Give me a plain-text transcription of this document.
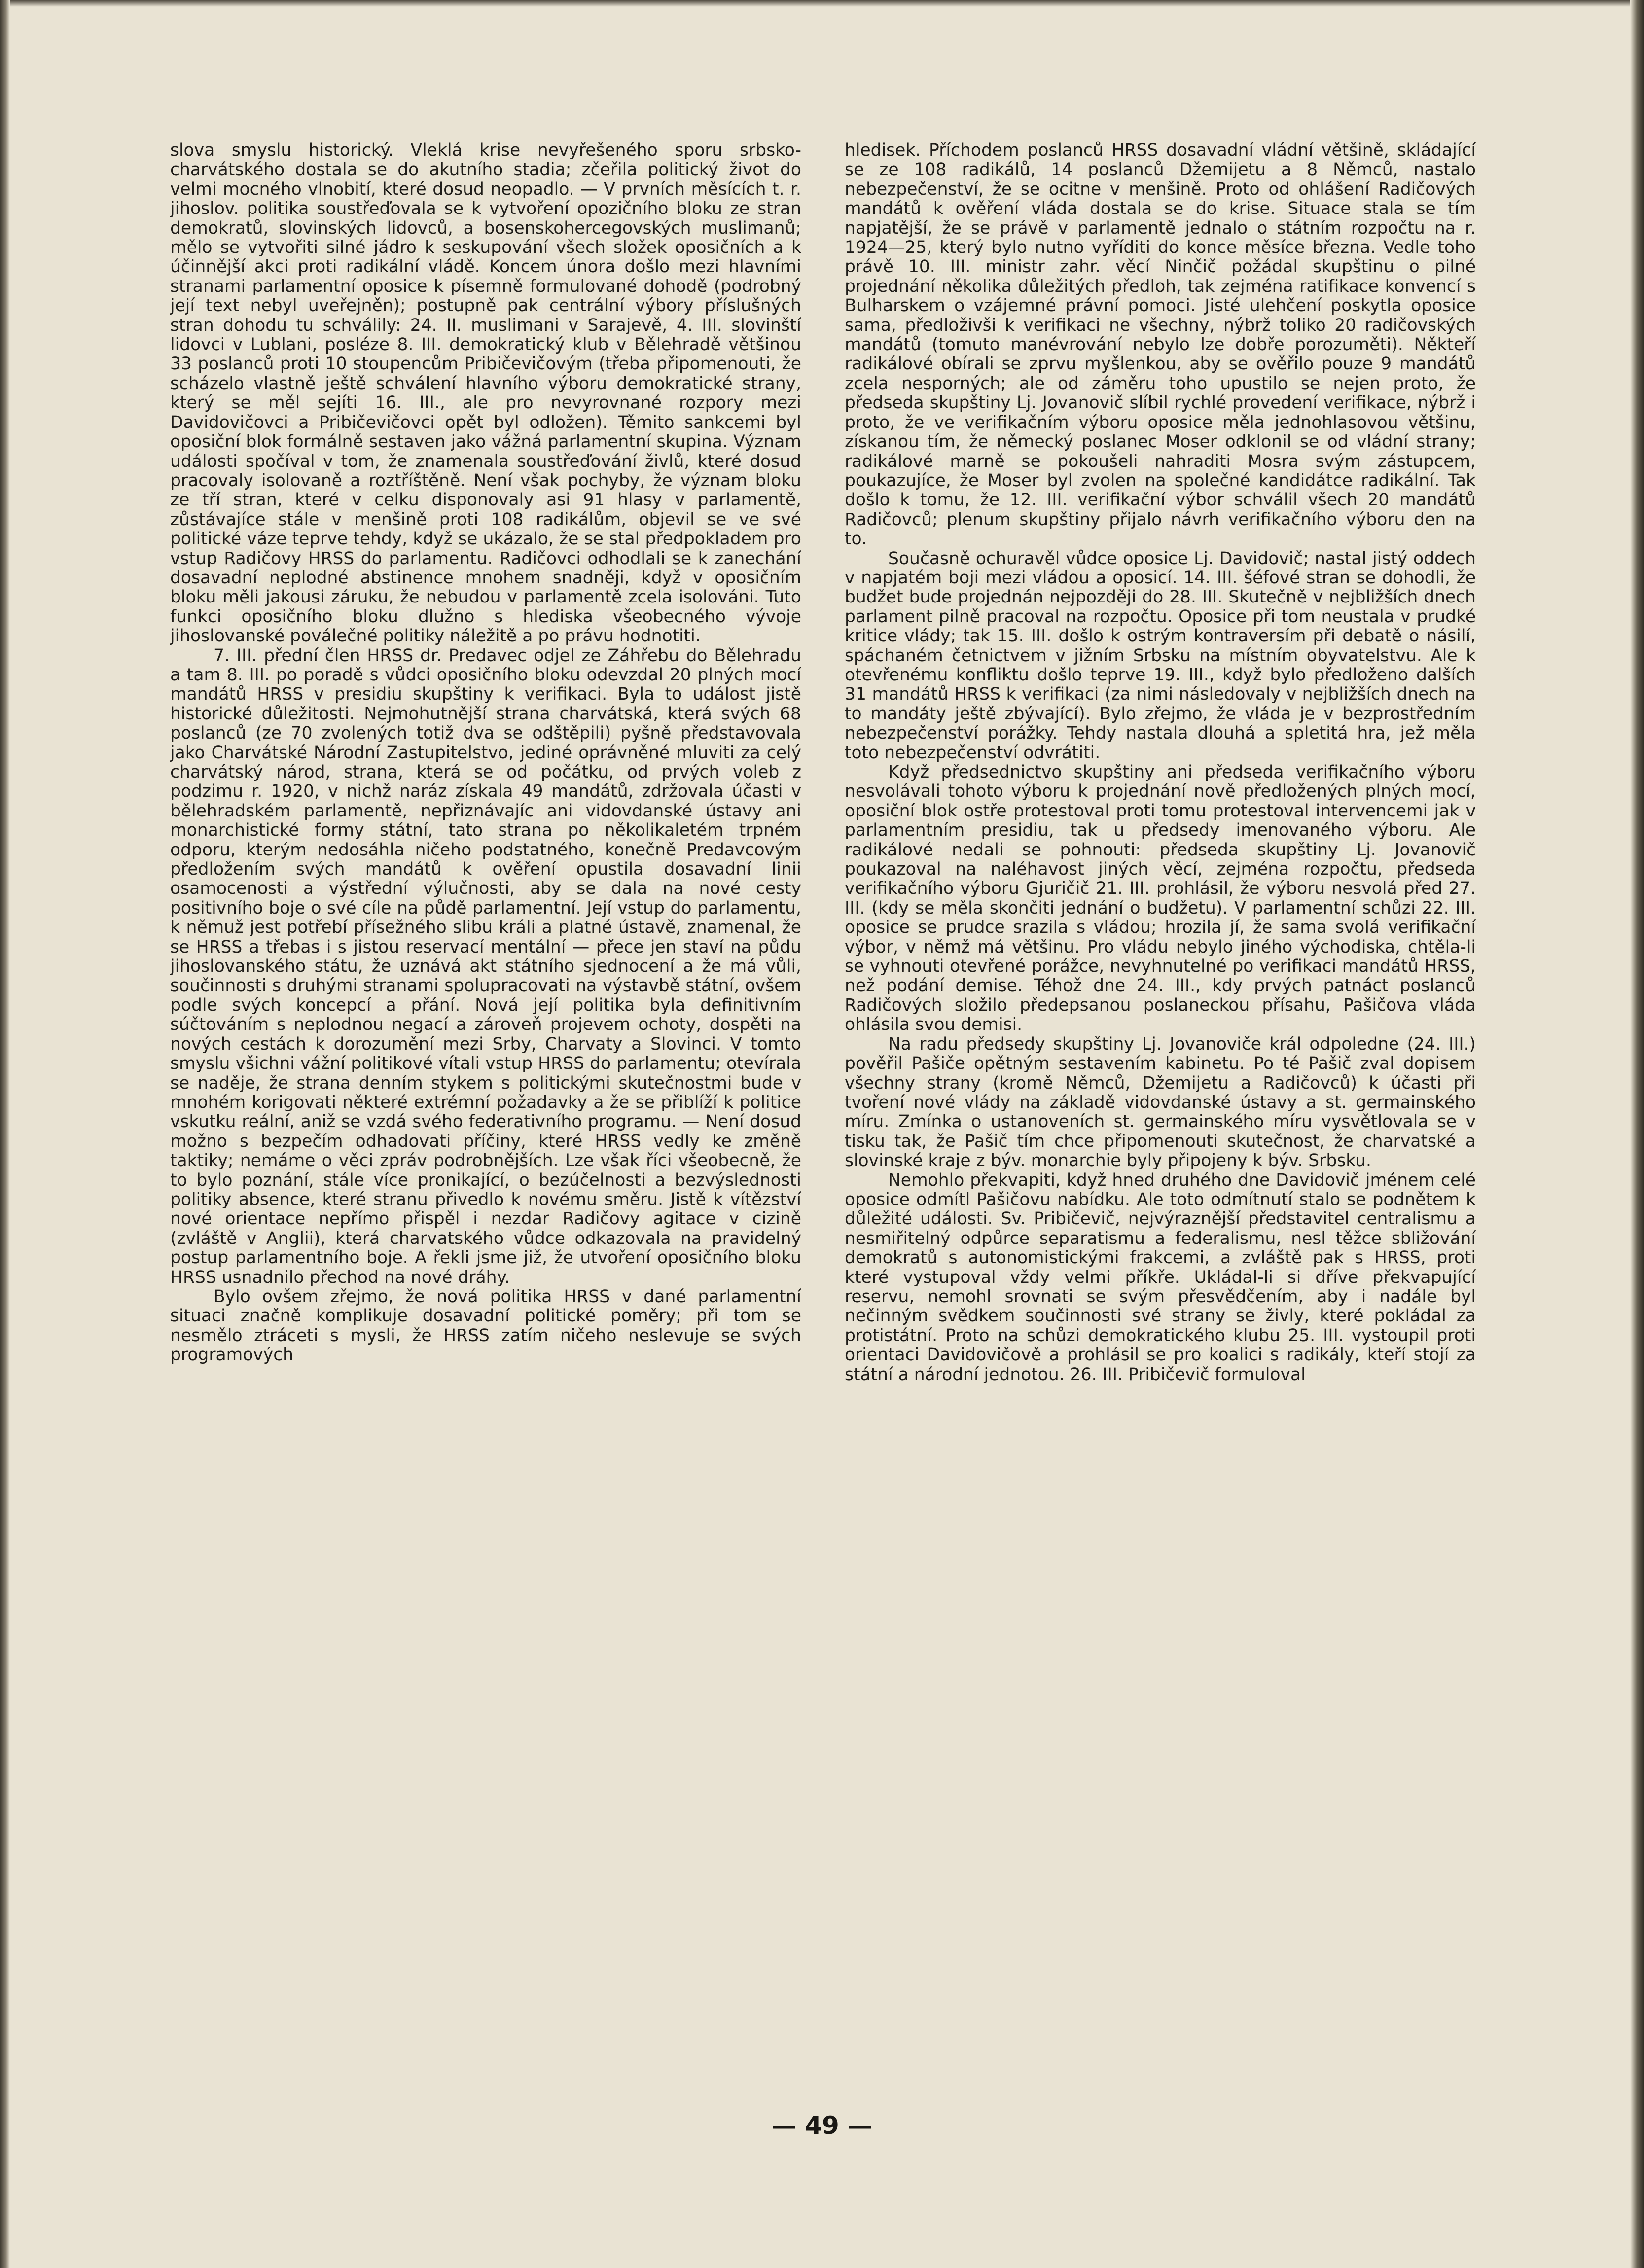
slova smyslu historický. Vleklá krise nevyřešeného sporu srbsko-charvátského dostala se do akutního stadia; zčeřila politický život do velmi mocného vlnobití, které dosud neopadlo. — V prvních měsících t. r. jihoslov. politika soustřeďovala se k vytvoření opozičního bloku ze stran demokratů, slovinských lidovců, a bosenskohercegovských muslimanů; mělo se vytvořiti silné jádro k seskupování všech složek oposičních a k účinnější akci proti radikální vládě. Koncem února došlo mezi hlavními stranami parlamentní oposice k písemně formulované dohodě (podrobný její text nebyl uveřejněn); postupně pak centrální výbory příslušných stran dohodu tu schválily: 24. II. muslimani v Sarajevě, 4. III. slovinští lidovci v Lublani, posléze 8. III. demokratický klub v Bělehradě většinou 33 poslanců proti 10 stoupencům Pribičevičovým (třeba připomenouti, že scházelo vlastně ještě schválení hlavního výboru demokratické strany, který se měl sejíti 16. III., ale pro nevyrovnané rozpory mezi Davidovičovci a Pribičevičovci opět byl odložen). Těmito sankcemi byl oposiční blok formálně sestaven jako vážná parlamentní skupina. Význam události spočíval v tom, že znamenala soustřeďování živlů, které dosud pracovaly isolovaně a roztříštěně. Není však pochyby, že význam bloku ze tří stran, které v celku disponovaly asi 91 hlasy v parlamentě, zůstávajíce stále v menšině proti 108 radikálům, objevil se ve své politické váze teprve tehdy, když se ukázalo, že se stal předpokladem pro vstup Radičovy HRSS do parlamentu. Radičovci odhodlali se k zanechání dosavadní neplodné abstinence mnohem snadněji, když v oposičním bloku měli jakousi záruku, že nebudou v parlamentě zcela isolováni. Tuto funkci oposičního bloku dlužno s hlediska všeobecného vývoje jihoslovanské poválečné politiky náležitě a po právu hodnotiti.

7. III. přední člen HRSS dr. Predavec odjel ze Záhřebu do Bělehradu a tam 8. III. po poradě s vůdci oposičního bloku odevzdal 20 plných mocí mandátů HRSS v presidiu skupštiny k verifikaci. Byla to událost jistě historické důležitosti. Nejmohutnější strana charvátská, která svých 68 poslanců (ze 70 zvolených totiž dva se odštěpili) pyšně představovala jako Charvátské Národní Zastupitelstvo, jediné oprávněné mluviti za celý charvátský národ, strana, která se od počátku, od prvých voleb z podzimu r. 1920, v nichž naráz získala 49 mandátů, zdržovala účasti v bělehradském parlamentě, nepřiznávajíc ani vidovdanské ústavy ani monarchistické formy státní, tato strana po několikaletém trpném odporu, kterým nedosáhla ničeho podstatného, konečně Predavcovým předložením svých mandátů k ověření opustila dosavadní linii osamocenosti a výstřední výlučnosti, aby se dala na nové cesty positivního boje o své cíle na půdě parlamentní. Její vstup do parlamentu, k němuž jest potřebí přísežného slibu králi a platné ústavě, znamenal, že se HRSS a třebas i s jistou reservací mentální — přece jen staví na půdu jihoslovanského státu, že uznává akt státního sjednocení a že má vůli, součinnosti s druhými stranami spolupracovati na výstavbě státní, ovšem podle svých koncepcí a přání. Nová její politika byla definitivním súčtováním s neplodnou negací a zároveň projevem ochoty, dospěti na nových cestách k dorozumění mezi Srby, Charvaty a Slovinci. V tomto smyslu všichni vážní politikové vítali vstup HRSS do parlamentu; otevírala se naděje, že strana denním stykem s politickými skutečnostmi bude v mnohém korigovati některé extrémní požadavky a že se přiblíží k politice vskutku reální, aniž se vzdá svého federativního programu. — Není dosud možno s bezpečím odhadovati příčiny, které HRSS vedly ke změně taktiky; nemáme o věci zpráv podrobnějších. Lze však říci všeobecně, že to bylo poznání, stále více pronikající, o bezúčelnosti a bezvýslednosti politiky absence, které stranu přivedlo k novému směru. Jistě k vítězství nové orientace nepřímo přispěl i nezdar Radičovy agitace v cizině (zvláště v Anglii), která charvatského vůdce odkazovala na pravidelný postup parlamentního boje. A řekli jsme již, že utvoření oposičního bloku HRSS usnadnilo přechod na nové dráhy.

Bylo ovšem zřejmo, že nová politika HRSS v dané parlamentní situaci značně komplikuje dosavadní politické poměry; při tom se nesmělo ztráceti s mysli, že HRSS zatím ničeho neslevuje se svých programových

hledisek. Příchodem poslanců HRSS dosavadní vládní většině, skládající se ze 108 radikálů, 14 poslanců Džemijetu a 8 Němců, nastalo nebezpečenství, že se ocitne v menšině. Proto od ohlášení Radičových mandátů k ověření vláda dostala se do krise. Situace stala se tím napjatější, že se právě v parlamentě jednalo o státním rozpočtu na r. 1924—25, který bylo nutno vyříditi do konce měsíce března. Vedle toho právě 10. III. ministr zahr. věcí Ninčič požádal skupštinu o pilné projednání několika důležitých předloh, tak zejména ratifikace konvencí s Bulharskem o vzájemné právní pomoci. Jisté ulehčení poskytla oposice sama, předloživši k verifikaci ne všechny, nýbrž toliko 20 radičovských mandátů (tomuto manévrování nebylo lze dobře porozuměti). Někteří radikálové obírali se zprvu myšlenkou, aby se ověřilo pouze 9 mandátů zcela nesporných; ale od záměru toho upustilo se nejen proto, že předseda skupštiny Lj. Jovanovič slíbil rychlé provedení verifikace, nýbrž i proto, že ve verifikačním výboru oposice měla jednohlasovou většinu, získanou tím, že německý poslanec Moser odklonil se od vládní strany; radikálové marně se pokoušeli nahraditi Mosra svým zástupcem, poukazujíce, že Moser byl zvolen na společné kandidátce radikální. Tak došlo k tomu, že 12. III. verifikační výbor schválil všech 20 mandátů Radičovců; plenum skupštiny přijalo návrh verifikačního výboru den na to.

Současně ochuravěl vůdce oposice Lj. Davidovič; nastal jistý oddech v napjatém boji mezi vládou a oposicí. 14. III. šéfové stran se dohodli, že budžet bude projednán nejpozději do 28. III. Skutečně v nejbližších dnech parlament pilně pracoval na rozpočtu. Oposice při tom neustala v prudké kritice vlády; tak 15. III. došlo k ostrým kontraversím při debatě o násilí, spáchaném četnictvem v jižním Srbsku na místním obyvatelstvu. Ale k otevřenému konfliktu došlo teprve 19. III., když bylo předloženo dalších 31 mandátů HRSS k verifikaci (za nimi následovaly v nejbližších dnech na to mandáty ještě zbývající). Bylo zřejmo, že vláda je v bezprostředním nebezpečenství porážky. Tehdy nastala dlouhá a spletitá hra, jež měla toto nebezpečenství odvrátiti.

Když předsednictvo skupštiny ani předseda verifikačního výboru nesvolávali tohoto výboru k projednání nově předložených plných mocí, oposiční blok ostře protestoval proti tomu protestoval intervencemi jak v parlamentním presidiu, tak u předsedy imenovaného výboru. Ale radikálové nedali se pohnouti: předseda skupštiny Lj. Jovanovič poukazoval na naléhavost jiných věcí, zejména rozpočtu, předseda verifikačního výboru Gjuričič 21. III. prohlásil, že výboru nesvolá před 27. III. (kdy se měla skončiti jednání o budžetu). V parlamentní schůzi 22. III. oposice se prudce srazila s vládou; hrozila jí, že sama svolá verifikační výbor, v němž má většinu. Pro vládu nebylo jiného východiska, chtěla-li se vyhnouti otevřené porážce, nevyhnutelné po verifikaci mandátů HRSS, než podání demise. Téhož dne 24. III., kdy prvých patnáct poslanců Radičových složilo předepsanou poslaneckou přísahu, Pašičova vláda ohlásila svou demisi.

Na radu předsedy skupštiny Lj. Jovanoviče král odpoledne (24. III.) pověřil Pašiče opětným sestavením kabinetu. Po té Pašič zval dopisem všechny strany (kromě Němců, Džemijetu a Radičovců) k účasti při tvoření nové vlády na základě vidovdanské ústavy a st. germainského míru. Zmínka o ustanoveních st. germainského míru vysvětlovala se v tisku tak, že Pašič tím chce připomenouti skutečnost, že charvatské a slovinské kraje z býv. monarchie byly připojeny k býv. Srbsku.

Nemohlo překvapiti, když hned druhého dne Davidovič jménem celé oposice odmítl Pašičovu nabídku. Ale toto odmítnutí stalo se podnětem k důležité události. Sv. Pribičevič, nejvýraznější představitel centralismu a nesmiřitelný odpůrce separatismu a federalismu, nesl těžce sbližování demokratů s autonomistickými frakcemi, a zvláště pak s HRSS, proti které vystupoval vždy velmi příkře. Ukládal-li si dříve překvapující reservu, nemohl srovnati se svým přesvědčením, aby i nadále byl nečinným svědkem součinnosti své strany se živly, které pokládal za protistátní. Proto na schůzi demokratického klubu 25. III. vystoupil proti orientaci Davidovičově a prohlásil se pro koalici s radikály, kteří stojí za státní a národní jednotou. 26. III. Pribičevič formuloval

— 49 —
